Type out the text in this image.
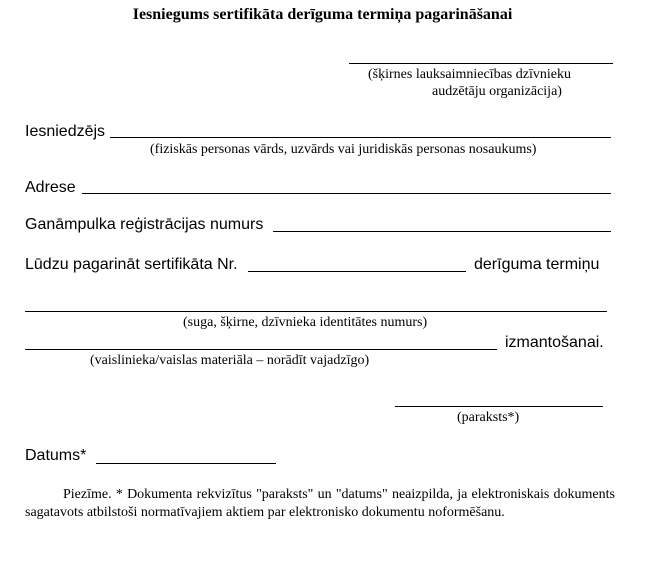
Iesniegums sertifikāta derīguma termiņa pagarināšanai
(šķirnes lauksaimniecības dzīvnieku
audzētāju organizācija)
Iesniedzējs
(fiziskās personas vārds, uzvārds vai juridiskās personas nosaukums)
Adrese
Ganāmpulka reģistrācijas numurs
Lūdzu pagarināt sertifikāta Nr.	derīguma termiņu
(suga, šķirne, dzīvnieka identitātes numurs)
izmantošanai.
(vaislinieka/vaislas materiāla – norādīt vajadzīgo)
(paraksts*)
Datums*
Piezīme. * Dokumenta rekvizītus "paraksts" un "datums" neaizpilda, ja elektroniskais dokuments sagatavots atbilstoši normatīvajiem aktiem par elektronisko dokumentu noformēšanu.
